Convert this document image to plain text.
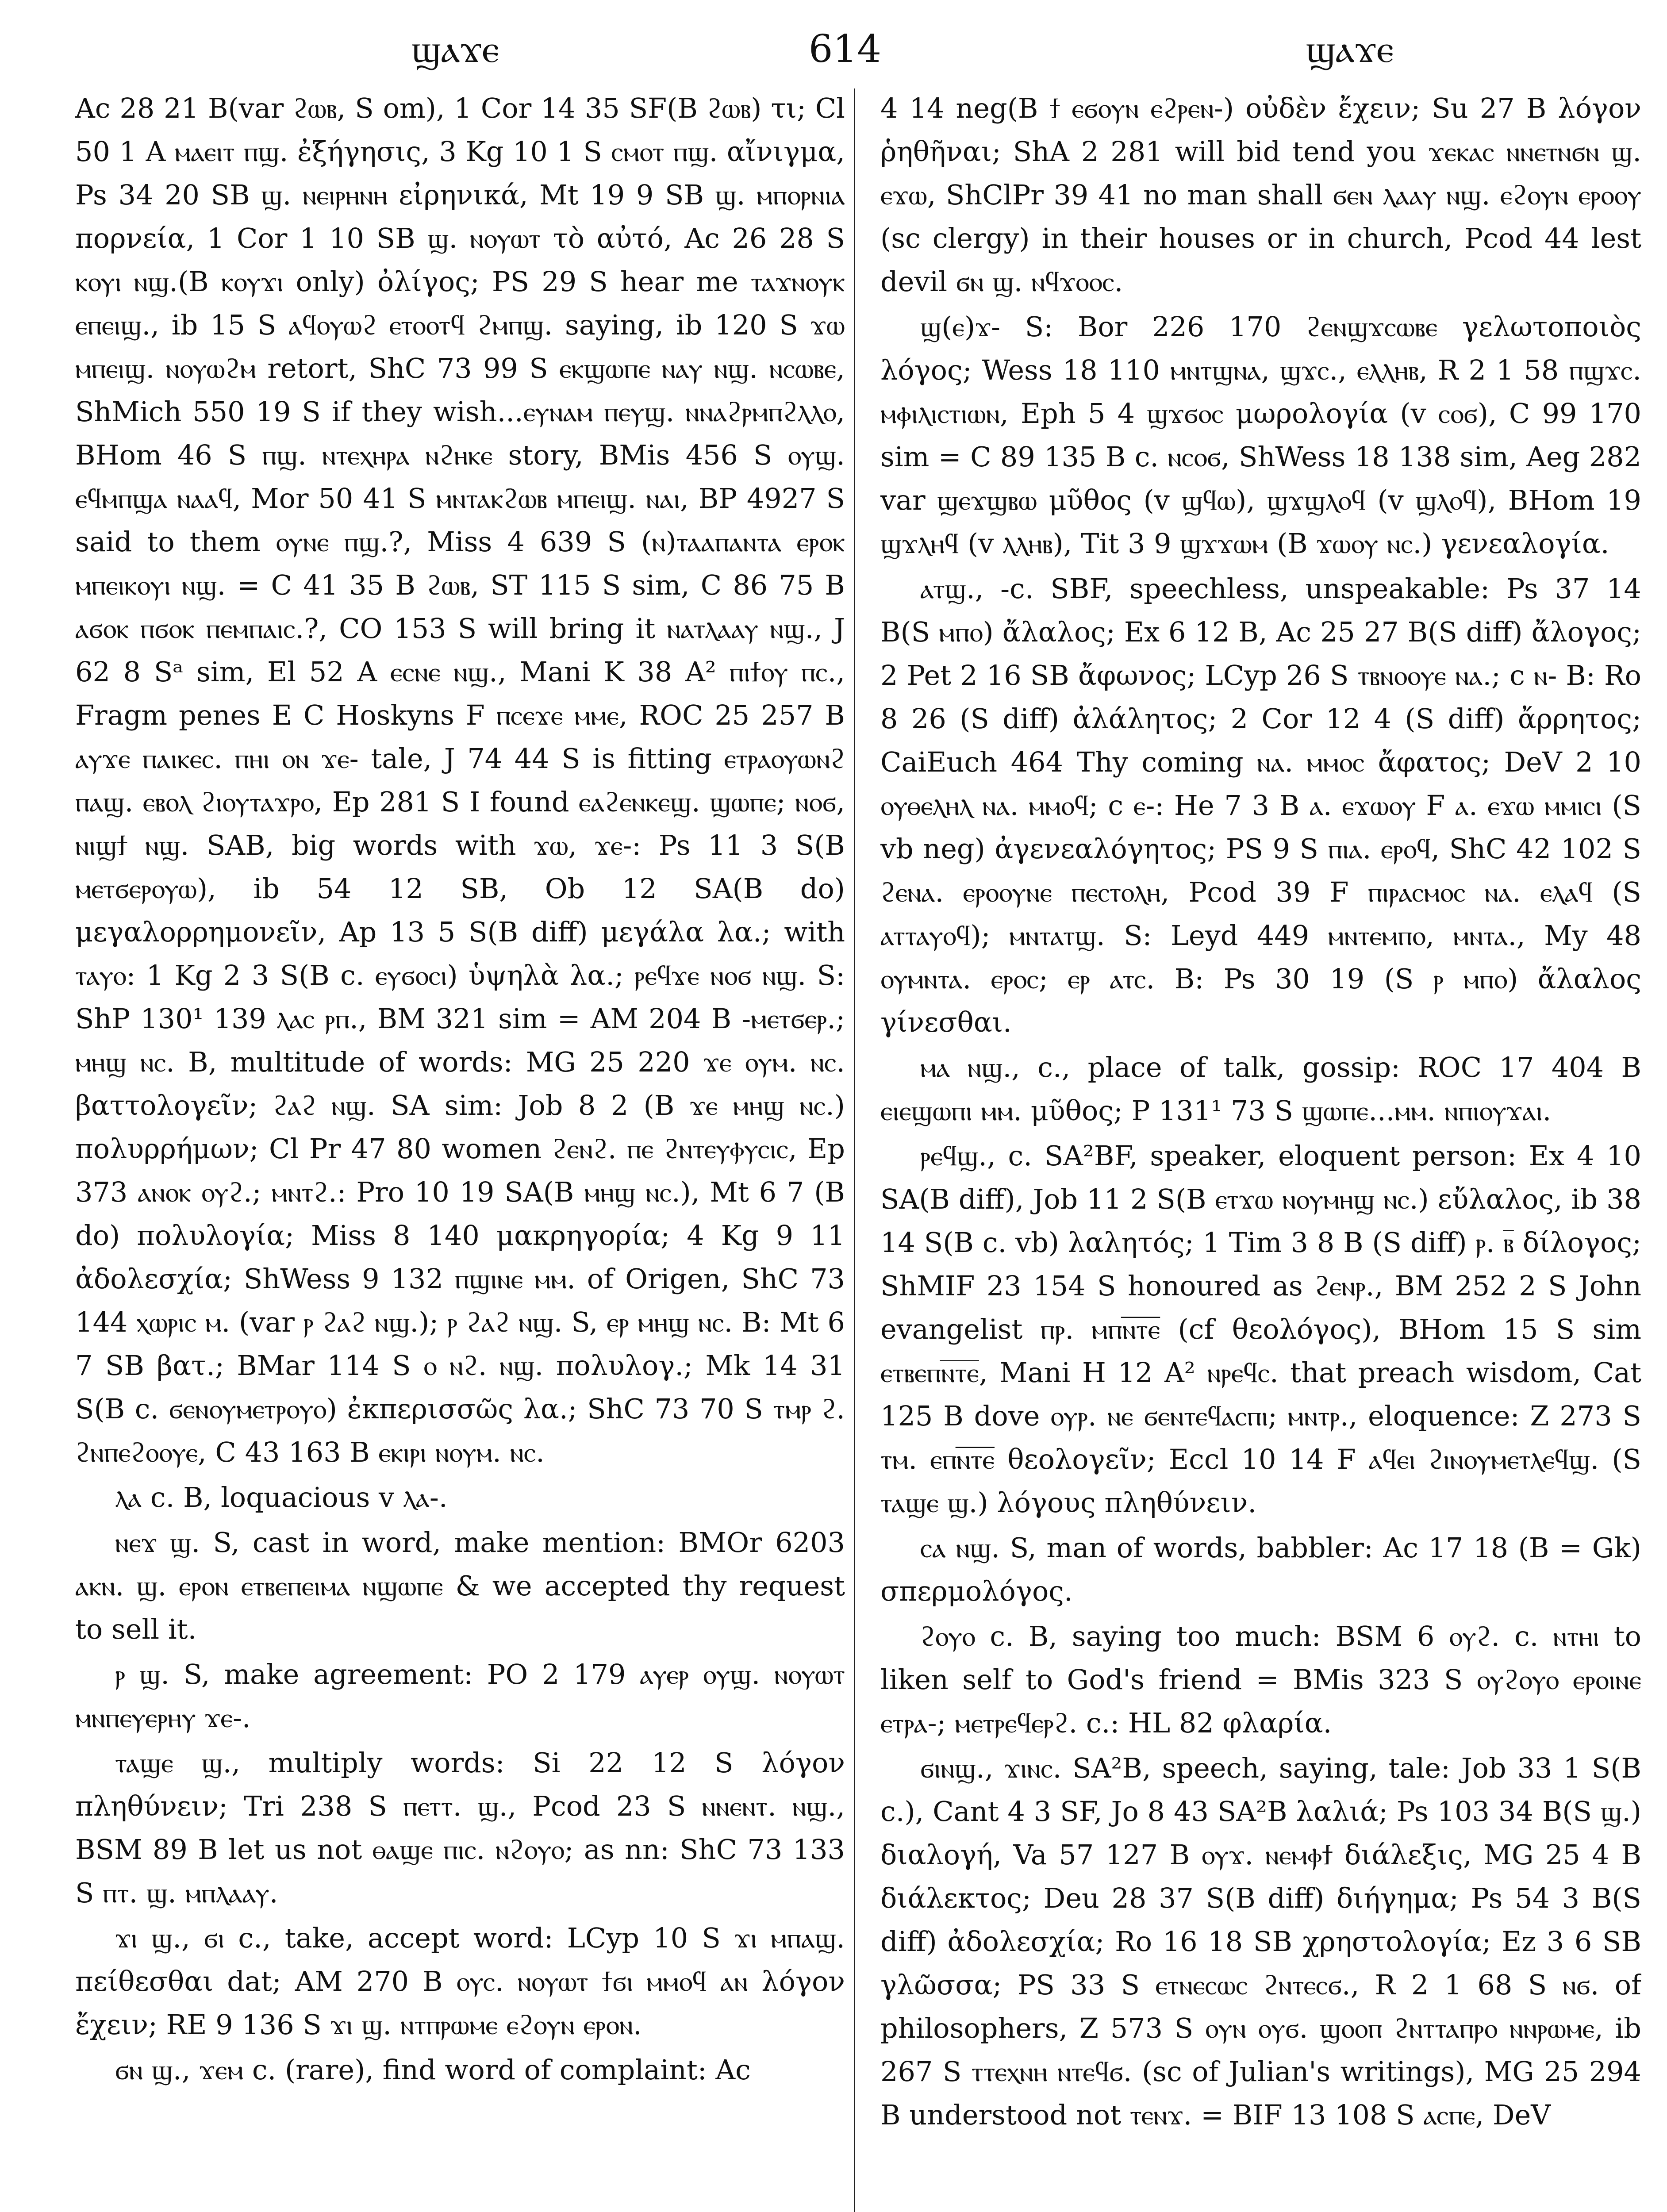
ϣⲁϫⲉ	614	ϣⲁϫⲉ

Ac 28 21 B(var ϩⲱⲃ, S om), 1 Cor 14 35 SF(B ϩⲱⲃ) τι; Cl 50 1 A ⲙⲁⲉⲓⲧ ⲡϣ. ἐξήγησις, 3 Kg 10 1 S ⲥⲙⲟⲧ ⲡϣ. αἴνιγμα, Ps 34 20 SB ϣ. ⲛⲉⲓⲣⲏⲛⲏ εἰρηνικά, Mt 19 9 SB ϣ. ⲙⲡⲟⲣⲛⲓⲁ πορνεία, 1 Cor 1 10 SB ϣ. ⲛⲟⲩⲱⲧ τὸ αὐτό, Ac 26 28 S ⲕⲟⲩⲓ ⲛϣ.(B ⲕⲟⲩϫⲓ only) ὀλίγος; PS 29 S hear me ⲧⲁϫⲛⲟⲩⲕ ⲉⲡⲉⲓϣ., ib 15 S ⲁϥⲟⲩⲱϩ ⲉⲧⲟⲟⲧϥ ϩⲙⲡϣ. saying, ib 120 S ϫⲱ ⲙⲡⲉⲓϣ. ⲛⲟⲩⲱϩⲙ retort, ShC 73 99 S ⲉⲕϣⲱⲡⲉ ⲛⲁⲩ ⲛϣ. ⲛⲥⲱⲃⲉ, ShMich 550 19 S if they wish...ⲉⲩⲛⲁⲙ ⲡⲉⲩϣ. ⲛⲛⲁϩⲣⲙⲡϩⲗⲗⲟ, BHom 46 S ⲡϣ. ⲛⲧⲉⲭⲏⲣⲁ ⲛϩⲏⲕⲉ story, BMis 456 S ⲟⲩϣ. ⲉϥⲙⲡϣⲁ ⲛⲁⲁϥ, Mor 50 41 S ⲙⲛⲧⲁⲕϩⲱⲃ ⲙⲡⲉⲓϣ. ⲛⲁⲓ, BP 4927 S said to them ⲟⲩⲛⲉ ⲡϣ.?, Miss 4 639 S (ⲛ)ⲧⲁⲁⲡⲁⲛⲧⲁ ⲉⲣⲟⲕ ⲙⲡⲉⲓⲕⲟⲩⲓ ⲛϣ. = C 41 35 B ϩⲱⲃ, ST 115 S sim, C 86 75 B ⲁϭⲟⲕ ⲡϭⲟⲕ ⲡⲉⲙⲡⲁⲓⲥ.?, CO 153 S will bring it ⲛⲁⲧⲗⲁⲁⲩ ⲛϣ., J 62 8 Sᵃ sim, El 52 A ⲉⲥⲛⲉ ⲛϣ., Mani K 38 A² ⲡⲓϯⲟⲩ ⲡⲥ., Fragm penes E C Hoskyns F ⲡⲥⲉϫⲉ ⲙⲙⲉ, ROC 25 257 B ⲁⲩϫⲉ ⲡⲁⲓⲕⲉⲥ. ⲡⲏⲓ ⲟⲛ ϫⲉ- tale, J 74 44 S is fitting ⲉⲧⲣⲁⲟⲩⲱⲛϩ ⲡⲁϣ. ⲉⲃⲟⲗ ϩⲓⲟⲩⲧⲁϫⲣⲟ, Ep 281 S I found ⲉⲁϩⲉⲛⲕⲉϣ. ϣⲱⲡⲉ; ⲛⲟϭ, ⲛⲓϣϯ ⲛϣ. SAB, big words with ϫⲱ, ϫⲉ-: Ps 11 3 S(B ⲙⲉⲧϭⲉⲣⲟⲩⲱ), ib 54 12 SB, Ob 12 SA(B do) μεγαλορρημονεῖν, Ap 13 5 S(B diff) μεγάλα λα.; with ⲧⲁⲩⲟ: 1 Kg 2 3 S(B c. ⲉⲩϭⲟⲥⲓ) ὑψηλὰ λα.; ⲣⲉϥϫⲉ ⲛⲟϭ ⲛϣ. S: ShP 130¹ 139 ⲗⲁⲥ ⲣⲡ., BM 321 sim = AM 204 B -ⲙⲉⲧϭⲉⲣ.; ⲙⲏϣ ⲛⲥ. B, multitude of words: MG 25 220 ϫⲉ ⲟⲩⲙ. ⲛⲥ. βαττολογεῖν; ϩⲁϩ ⲛϣ. SA sim: Job 8 2 (B ϫⲉ ⲙⲏϣ ⲛⲥ.) πολυρρήμων; Cl Pr 47 80 women ϩⲉⲛϩ. ⲡⲉ ϩⲛⲧⲉⲩⲫⲩⲥⲓⲥ, Ep 373 ⲁⲛⲟⲕ ⲟⲩϩ.; ⲙⲛⲧϩ.: Pro 10 19 SA(B ⲙⲏϣ ⲛⲥ.), Mt 6 7 (B do) πολυλογία; Miss 8 140 μακρηγορία; 4 Kg 9 11 ἀδολεσχία; ShWess 9 132 ⲡϣⲓⲛⲉ ⲙⲙ. of Origen, ShC 73 144 ⲭⲱⲣⲓⲥ ⲙ. (var ⲣ ϩⲁϩ ⲛϣ.); ⲣ ϩⲁϩ ⲛϣ. S, ⲉⲣ ⲙⲏϣ ⲛⲥ. B: Mt 6 7 SB βατ.; BMar 114 S ⲟ ⲛϩ. ⲛϣ. πολυλογ.; Mk 14 31 S(B c. ϭⲉⲛⲟⲩⲙⲉⲧⲣⲟⲩⲟ) ἐκπερισσῶς λα.; ShC 73 70 S ⲧⲙⲣ ϩ. ϩⲛⲡⲉϩⲟⲟⲩⲉ, C 43 163 B ⲉⲕⲓⲣⲓ ⲛⲟⲩⲙ. ⲛⲥ.

ⲗⲁ c. B, loquacious v ⲗⲁ-.

ⲛⲉϫ ϣ. S, cast in word, make mention: BMOr 6203 ⲁⲕⲛ. ϣ. ⲉⲣⲟⲛ ⲉⲧⲃⲉⲡⲉⲓⲙⲁ ⲛϣⲱⲡⲉ & we accepted thy request to sell it.

ⲣ ϣ. S, make agreement: PO 2 179 ⲁⲩⲉⲣ ⲟⲩϣ. ⲛⲟⲩⲱⲧ ⲙⲛⲡⲉⲩⲉⲣⲏⲩ ϫⲉ-.

ⲧⲁϣⲉ ϣ., multiply words: Si 22 12 S λόγον πληθύνειν; Tri 238 S ⲡⲉⲧⲧ. ϣ., Pcod 23 S ⲛⲛⲉⲛⲧ. ⲛϣ., BSM 89 B let us not ⲑⲁϣⲉ ⲡⲓⲥ. ⲛϩⲟⲩⲟ; as nn: ShC 73 133 S ⲡⲧ. ϣ. ⲙⲡⲗⲁⲁⲩ.

ϫⲓ ϣ., ϭⲓ c., take, accept word: LCyp 10 S ϫⲓ ⲙⲡⲁϣ. πείθεσθαι dat; AM 270 B ⲟⲩⲥ. ⲛⲟⲩⲱⲧ ϯϭⲓ ⲙⲙⲟϥ ⲁⲛ λόγον ἔχειν; RE 9 136 S ϫⲓ ϣ. ⲛⲧⲡⲣⲱⲙⲉ ⲉϩⲟⲩⲛ ⲉⲣⲟⲛ.

ϭⲛ ϣ., ϫⲉⲙ c. (rare), find word of complaint: Ac

4 14 neg(B ϯ ⲉϭⲟⲩⲛ ⲉϩⲣⲉⲛ-) οὐδὲν ἔχειν; Su 27 B λόγον ῥηθῆναι; ShA 2 281 will bid tend you ϫⲉⲕⲁⲥ ⲛⲛⲉⲧⲛϭⲛ ϣ. ⲉϫⲱ, ShClPr 39 41 no man shall ϭⲉⲛ ⲗⲁⲁⲩ ⲛϣ. ⲉϩⲟⲩⲛ ⲉⲣⲟⲟⲩ (sc clergy) in their houses or in church, Pcod 44 lest devil ϭⲛ ϣ. ⲛϥϫⲟⲟⲥ.

ϣ(ⲉ)ϫ- S: Bor 226 170 ϩⲉⲛϣϫⲥⲱⲃⲉ γελωτοποιὸς λόγος; Wess 18 110 ⲙⲛⲧϣⲛⲁ, ϣϫⲥ., ⲉⲗⲗⲏⲃ, R 2 1 58 ⲡϣϫⲥ. ⲙⲫⲓⲗⲓⲥⲧⲓⲱⲛ, Eph 5 4 ϣϫϭⲟⲥ μωρολογία (v ⲥⲟϭ), C 99 170 sim = C 89 135 B c. ⲛⲥⲟϭ, ShWess 18 138 sim, Aeg 282 var ϣⲉϫϣⲃⲱ μῦθος (v ϣϥⲱ), ϣϫϣⲗⲟϥ (v ϣⲗⲟϥ), BHom 19 ϣϫⲗⲏϥ (v ⲗⲗⲏⲃ), Tit 3 9 ϣϫϫⲱⲙ (B ϫⲱⲟⲩ ⲛⲥ.) γενεαλογία.

ⲁⲧϣ., -c. SBF, speechless, unspeakable: Ps 37 14 B(S ⲙⲡⲟ) ἄλαλος; Ex 6 12 B, Ac 25 27 B(S diff) ἄλογος; 2 Pet 2 16 SB ἄφωνος; LCyp 26 S ⲧⲃⲛⲟⲟⲩⲉ ⲛⲁ.; c ⲛ- B: Ro 8 26 (S diff) ἀλάλητος; 2 Cor 12 4 (S diff) ἄρρητος; CaiEuch 464 Thy coming ⲛⲁ. ⲙⲙⲟⲥ ἄφατος; DeV 2 10 ⲟⲩⲑⲉⲗⲏⲗ ⲛⲁ. ⲙⲙⲟϥ; c ⲉ-: He 7 3 B ⲁ. ⲉϫⲱⲟⲩ F ⲁ. ⲉϫⲱ ⲙⲙⲓⲥⲓ (S vb neg) ἀγενεαλόγητος; PS 9 S ⲡⲓⲁ. ⲉⲣⲟϥ, ShC 42 102 S ϩⲉⲛⲁ. ⲉⲣⲟⲟⲩⲛⲉ ⲡⲉⲥⲧⲟⲗⲏ, Pcod 39 F ⲡⲓⲣⲁⲥⲙⲟⲥ ⲛⲁ. ⲉⲗⲁϥ (S ⲁⲧⲧⲁⲩⲟϥ); ⲙⲛⲧⲁⲧϣ. S: Leyd 449 ⲙⲛⲧⲉⲙⲡⲟ, ⲙⲛⲧⲁ., My 48 ⲟⲩⲙⲛⲧⲁ. ⲉⲣⲟⲥ; ⲉⲣ ⲁⲧⲥ. B: Ps 30 19 (S ⲣ ⲙⲡⲟ) ἄλαλος γίνεσθαι.

ⲙⲁ ⲛϣ., c., place of talk, gossip: ROC 17 404 B ⲉⲓⲉϣⲱⲡⲓ ⲙⲙ. μῦθος; P 131¹ 73 S ϣⲱⲡⲉ...ⲙⲙ. ⲛⲡⲓⲟⲩϫⲁⲓ.

ⲣⲉϥϣ., c. SA²BF, speaker, eloquent person: Ex 4 10 SA(B diff), Job 11 2 S(B ⲉⲧϫⲱ ⲛⲟⲩⲙⲏϣ ⲛⲥ.) εὔλαλος, ib 38 14 S(B c. vb) λαλητός; 1 Tim 3 8 B (S diff) ⲣ. ⲃ̅ δίλογος; ShMIF 23 154 S honoured as ϩⲉⲛⲣ., BM 252 2 S John evangelist ⲡⲣ. ⲙⲡⲛ̅ⲧ̅ⲉ̅ (cf θεολόγος), BHom 15 S sim ⲉⲧⲃⲉⲡⲛ̅ⲧ̅ⲉ̅, Mani H 12 A² ⲛⲣⲉϥⲥ. that preach wisdom, Cat 125 B dove ⲟⲩⲣ. ⲛⲉ ϭⲉⲛⲧⲉϥⲁⲥⲡⲓ; ⲙⲛⲧⲣ., eloquence: Z 273 S ⲧⲙ. ⲉⲡⲛ̅ⲧ̅ⲉ̅ θεολογεῖν; Eccl 10 14 F ⲁϥⲉⲓ ϩⲓⲛⲟⲩⲙⲉⲧⲗⲉϥϣ. (S ⲧⲁϣⲉ ϣ.) λόγους πληθύνειν.

ⲥⲁ ⲛϣ. S, man of words, babbler: Ac 17 18 (B = Gk) σπερμολόγος.

ϩⲟⲩⲟ c. B, saying too much: BSM 6 ⲟⲩϩ. c. ⲛⲧⲏⲓ to liken self to God's friend = BMis 323 S ⲟⲩϩⲟⲩⲟ ⲉⲣⲟⲓⲛⲉ ⲉⲧⲣⲁ-; ⲙⲉⲧⲣⲉϥⲉⲣϩ. c.: HL 82 φλαρία.

ϭⲓⲛϣ., ϫⲓⲛⲥ. SA²B, speech, saying, tale: Job 33 1 S(B c.), Cant 4 3 SF, Jo 8 43 SA²B λαλιά; Ps 103 34 B(S ϣ.) διαλογή, Va 57 127 B ⲟⲩϫ. ⲛⲉⲙⲫϯ διάλεξις, MG 25 4 B διάλεκτος; Deu 28 37 S(B diff) διήγημα; Ps 54 3 B(S diff) ἀδολεσχία; Ro 16 18 SB χρηστολογία; Ez 3 6 SB γλῶσσα; PS 33 S ⲉⲧⲛⲉⲥⲱⲥ ϩⲛⲧⲉⲥϭ., R 2 1 68 S ⲛϭ. of philosophers, Z 573 S ⲟⲩⲛ ⲟⲩϭ. ϣⲟⲟⲡ ϩⲛⲧⲧⲁⲡⲣⲟ ⲛⲛⲣⲱⲙⲉ, ib 267 S ⲧⲧⲉⲭⲛⲏ ⲛⲧⲉϥϭ. (sc of Julian's writings), MG 25 294 B understood not ⲧⲉⲛϫ. = BIF 13 108 S ⲁⲥⲡⲉ, DeV
